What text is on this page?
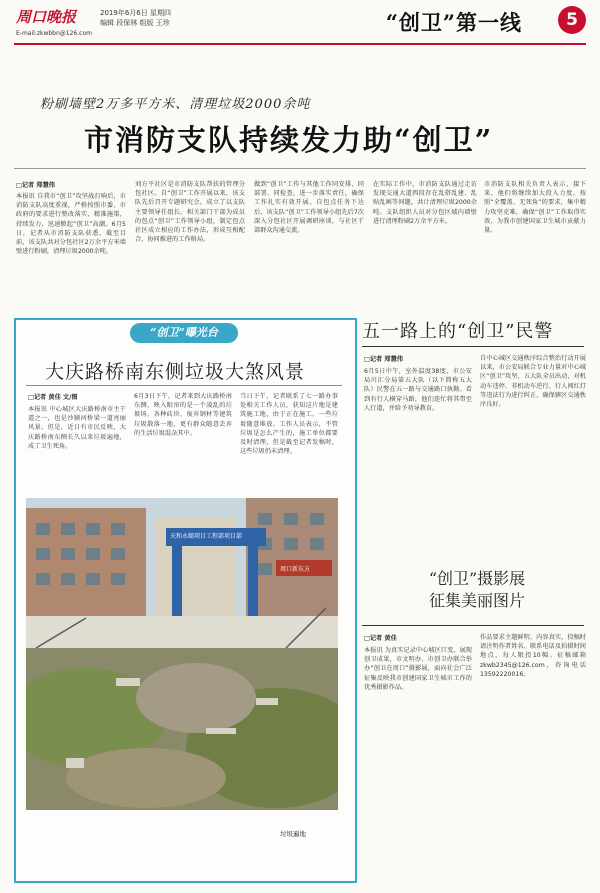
周口晚报	2019年6月6日 星期四
编辑 段保林 组版 王珍
E-mail:zkwbbn@126.com	“创卫”第一线	5
粉刷墙壁2万多平方米、清理垃圾2000余吨
市消防支队持续发力助“创卫”
□记者 郑慧伟
本报讯 自我市“创卫”攻坚战打响后，市消防支队高度重视，严格按照市委、市政府的要求进行整改落实，精准施策，持续发力，迅速掀起“创卫”高潮。6月5日，记者从市消防支队获悉，截至目前，该支队共对分包社区2万余平方米墙壁进行粉刷，清理垃圾2000余吨。
刘方平社区是市消防支队帮扶的管理分包社区。自“创卫”工作开展以来，该支队先后召开专题研究会，成立了以支队主要领导任组长、相关部门干部为成员的包点“创卫”工作领导小组，制定包点社区成立相应的工作办法，形成互相配合、协同推进的工作格局。
做到“创卫”工作与其他工作同安排、同部署、同检查，进一步落实责任，确保工作扎实有效开展。自包点任务下达后，该支队“创卫”工作领导小组先后7次深入分包社区开展调研座谈，与社区干部群众沟通交流。
在实际工作中，市消防支队通过走访发现交通大道西段存在乱搭乱建、乱贴乱画等问题，共计清理垃圾2000余吨。支队组织人员对分包区域内墙壁进行清理粉刷2万余平方米。
市消防支队相关负责人表示，接下来，他们将继续加大投入力度，按照“全覆盖、无死角”的要求，集中精力攻坚克难，确保“创卫”工作取得实效，为我市创建国家卫生城市贡献力量。
“创卫”曝光台
大庆路桥南东侧垃圾大煞风景
□记者 黄佳 文/图
本报讯 中心城区大庆路桥南市主干道之一，也是沙颍河桥梁一道亮丽风景。但是，近日有市民反映，大庆路桥南东侧长久以来垃圾遍地，成了卫生死角。
6月3日下午，记者来到大庆路桥南东侧，映入眼帘的是一个凌乱的垃圾场，各种砖块、废弃钢材等建筑垃圾散落一地，更有群众随意丢弃的生活垃圾混杂其中。
当日下午，记者联系了七一路办事处相关工作人员，获知这片地是建筑施工地，由于正在施工，一些垃圾随意堆放。工作人员表示，不管垃圾是怎么产生的，施工单位都要及时清理，但是截至记者发稿时，这些垃圾仍未清理。
天和永颐项目工程部项目部
周口新东方
垃圾遍地
五一路上的“创卫”民警
□记者 郑慧伟
6月5日中午，室外温度38度，市公安局川汇分局第五大队（以下简称五大队）民警在五一路与交通路口执勤。看到有行人横穿马路，他们连忙将其带至人行道，并给予劝导教育。
自中心城区交通秩序综合整治行动开展以来，市公安局联合专业力量对中心城区“创卫”攻坚，五大队全员出动，对机动车违停、非机动车逆行、行人闯红灯等违法行为进行纠正，确保辖区交通秩序良好。
“创卫”摄影展
征集美丽图片
□记者 黄佳
本报讯 为真实记录中心城区巨变、展现创卫成果，市文明办、市创卫办联合举办“创卫在周口”摄影展，面向社会广泛征集反映我市创建国家卫生城市工作的优秀摄影作品。
作品要求主题鲜明、内容真实，投稿时请注明作者姓名、联系电话及拍摄时间地点，每人限投10幅。征稿邮箱zkwb2345@126.com，咨询电话13592220016。
